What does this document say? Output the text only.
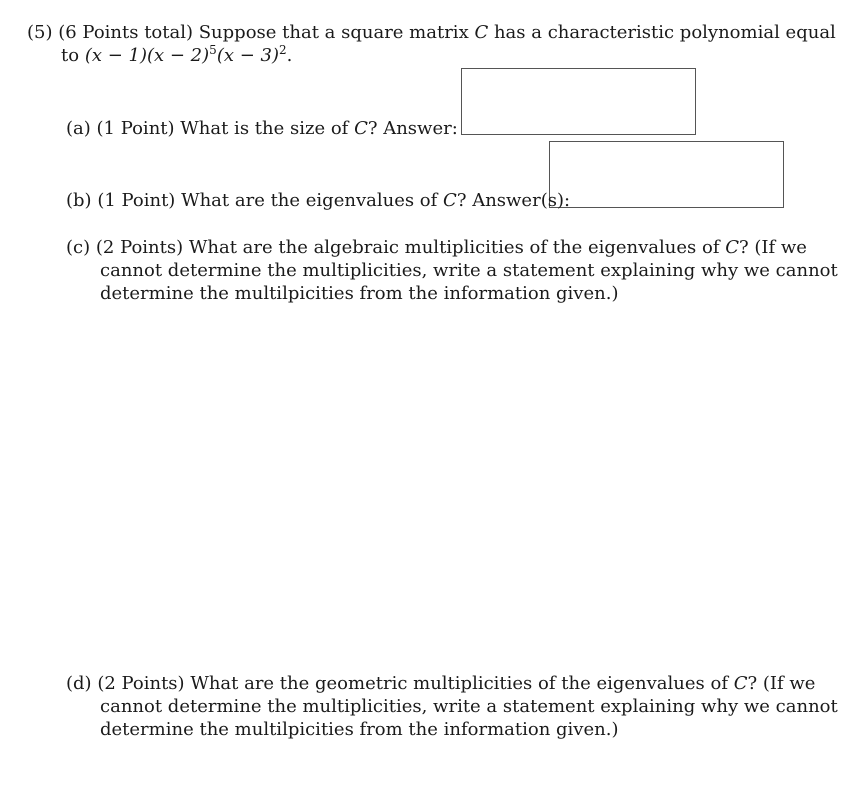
(5) (6 Points total) Suppose that a square matrix C has a characteristic polynomial equal
to $(x - 1)(x - 2)^5(x - 3)^2$.
(a) (1 Point) What is the size of C? Answer:
(b) (1 Point) What are the eigenvalues of C? Answer(s):
(c) (2 Points) What are the algebraic multiplicities of the eigenvalues of C? (If we
cannot determine the multiplicities, write a statement explaining why we cannot
determine the multilpicities from the information given.)
(d) (2 Points) What are the geometric multiplicities of the eigenvalues of C? (If we
cannot determine the multiplicities, write a statement explaining why we cannot
determine the multilpicities from the information given.)
